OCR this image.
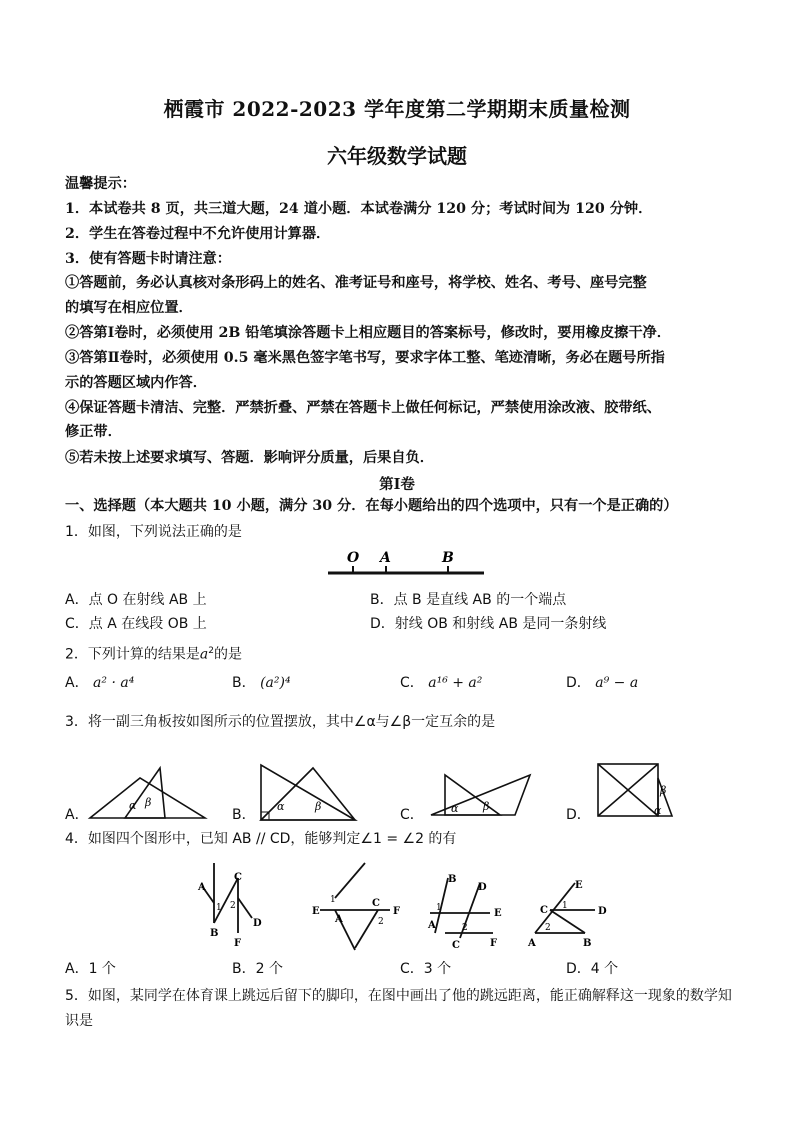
栖霞市 2022-2023 学年度第二学期期末质量检测
六年级数学试题
温馨提示：
1．本试卷共 8 页，共三道大题，24 道小题．本试卷满分 120 分；考试时间为 120 分钟．
2．学生在答卷过程中不允许使用计算器．
3．使有答题卡时请注意：
①答题前，务必认真核对条形码上的姓名、准考证号和座号，将学校、姓名、考号、座号完整
的填写在相应位置．
②答第Ⅰ卷时，必须使用 2B 铅笔填涂答题卡上相应题目的答案标号，修改时，要用橡皮擦干净．
③答第Ⅱ卷时，必须使用 0.5 毫米黑色签字笔书写，要求字体工整、笔迹清晰，务必在题号所指
示的答题区域内作答．
④保证答题卡清洁、完整．严禁折叠、严禁在答题卡上做任何标记，严禁使用涂改液、胶带纸、
修正带．
⑤若未按上述要求填写、答题．影响评分质量，后果自负．
第Ⅰ卷
一、选择题（本大题共 10 小题，满分 30 分．在每小题给出的四个选项中，只有一个是正确的）
1．如图，下列说法正确的是
O A	B
A．点 O 在射线 AB 上	B．点 B 是直线 AB 的一个端点
C．点 A 在线段 OB 上	D．射线 OB 和射线 AB 是同一条射线
2．下列计算的结果是$a^2$的是
A． a² · a⁴	B． (a²)⁴	C． a¹⁶ + a²	D． a⁹ − a
3．将一副三角板按如图所示的位置摆放，其中∠α与∠β一定互余的是
A．
α β
B．
α	β
C． α β
D．
β
α
4．如图四个图形中，已知 AB // CD，能够判定∠1 = ∠2 的有
A
1
B
C
2
D
F
E
1
A
C
2
F
B
D
1
A
E
2
C	F
E
C 1	D
2
A	B
A．1 个	B．2 个	C．3 个	D．4 个
5．如图，某同学在体育课上跳远后留下的脚印，在图中画出了他的跳远距离，能正确解释这一现象的数学知
识是
